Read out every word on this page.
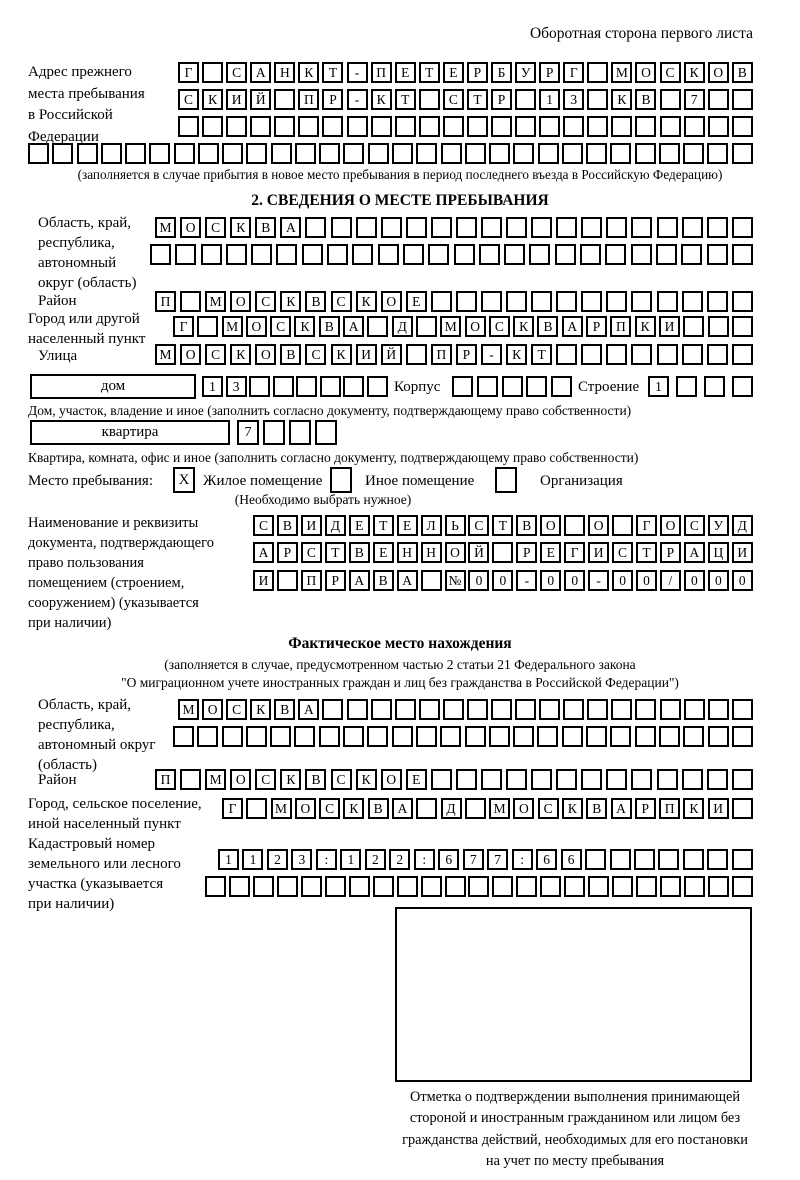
Оборотная сторона первого листа
Адрес прежнего
места пребывания
в Российской
Федерации
Г	С	А	Н	К	Т	-	П	Е	Т	Е	Р	Б	У	Р	Г	М О	С	К	О	В
С	К	И	Й	П	Р	-	К	Т	С	Т	Р	1	3	К	В	7
(заполняется в случае прибытия в новое место пребывания в период последнего въезда в Российскую Федерацию)
2. СВЕДЕНИЯ О МЕСТЕ ПРЕБЫВАНИЯ
Область, край,
республика,
автономный
округ (область)
М	О	С	К	В	А
Район	П	М	О	С	К	В	С	К	О	Е
Город или другой
населенный пункт
Г	М О	С	К	В	А	Д	М О	С	К	В	А	Р	П	К	И
Улица	М	О	С	К	О	В	С	К	И	Й	П	Р	-	К	Т
дом	1	3	Корпус	Строение	1
Дом, участок, владение и иное (заполнить согласно документу, подтверждающему право собственности)
квартира	7
Квартира, комната, офис и иное (заполнить согласно документу, подтверждающему право собственности)
Место пребывания:	X Жилое помещение	Иное помещение	Организация
(Необходимо выбрать нужное)
Наименование и реквизиты
документа, подтверждающего
право пользования
помещением (строением,
сооружением) (указывается
при наличии)
С	В	И	Д	Е	Т	Е	Л	Ь	С	Т	В	О	О	Г	О	С	У	Д
А	Р	С	Т	В	Е	Н	Н	О	Й	Р	Е	Г	И	С	Т	Р	А	Ц	И
И	П	Р	А	В	А	№	0	0	-	0	0	-	0	0	/	0	0	0
Фактическое место нахождения
(заполняется в случае, предусмотренном частью 2 статьи 21 Федерального закона
"О миграционном учете иностранных граждан и лиц без гражданства в Российской Федерации")
Область, край,
республика,
автономный округ
(область)
М О	С	К	В	А
Район	П	М	О	С	К	В	С	К	О	Е
Город, сельское поселение,
иной населенный пункт
Г	М О	С	К	В	А	Д	М О	С	К	В	А	Р	П	К	И
Кадастровый номер
земельного или лесного
участка (указывается
при наличии)
1	1	2	3	:	1	2	2	:	6	7	7	:	6	6
Отметка о подтверждении выполнения принимающей
стороной и иностранным гражданином или лицом без
гражданства действий, необходимых для его постановки
на учет по месту пребывания
